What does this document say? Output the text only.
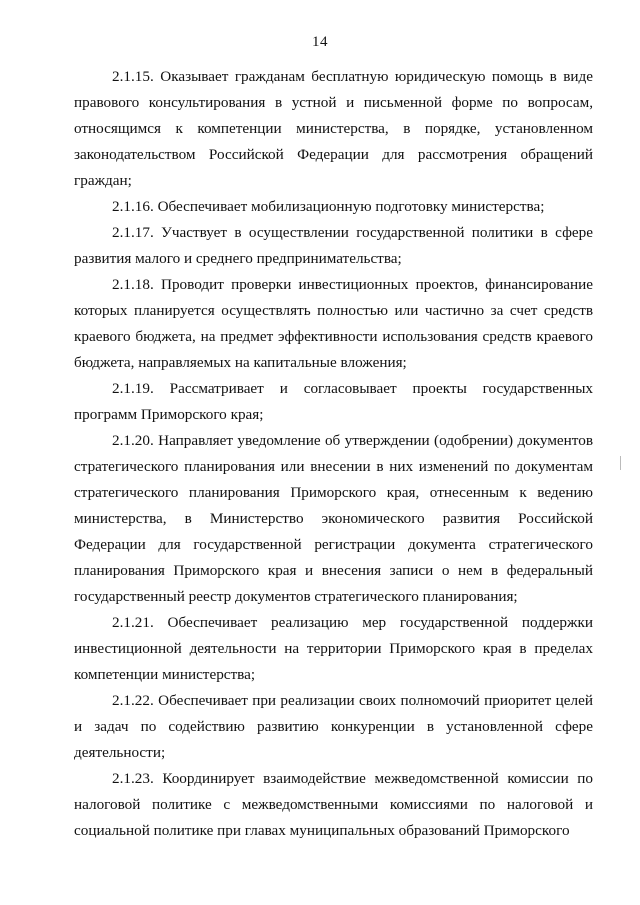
14
2.1.15. Оказывает гражданам бесплатную юридическую помощь в виде
правового консультирования в устной и письменной форме по вопросам,
относящимся к компетенции министерства, в порядке, установленном
законодательством Российской Федерации для рассмотрения обращений
граждан;
2.1.16. Обеспечивает мобилизационную подготовку министерства;
2.1.17. Участвует в осуществлении государственной политики в сфере
развития малого и среднего предпринимательства;
2.1.18. Проводит проверки инвестиционных проектов, финансирование
которых планируется осуществлять полностью или частично за счет средств
краевого бюджета, на предмет эффективности использования средств краевого
бюджета, направляемых на капитальные вложения;
2.1.19. Рассматривает и согласовывает проекты государственных
программ Приморского края;
2.1.20. Направляет уведомление об утверждении (одобрении) документов
стратегического планирования или внесении в них изменений по документам
стратегического планирования Приморского края, отнесенным к ведению
министерства, в Министерство экономического развития Российской
Федерации для государственной регистрации документа стратегического
планирования Приморского края и внесения записи о нем в федеральный
государственный реестр документов стратегического планирования;
2.1.21. Обеспечивает реализацию мер государственной поддержки
инвестиционной деятельности на территории Приморского края в пределах
компетенции министерства;
2.1.22. Обеспечивает при реализации своих полномочий приоритет целей
и задач по содействию развитию конкуренции в установленной сфере
деятельности;
2.1.23. Координирует взаимодействие межведомственной комиссии по
налоговой политике с межведомственными комиссиями по налоговой и
социальной политике при главах муниципальных образований Приморского
